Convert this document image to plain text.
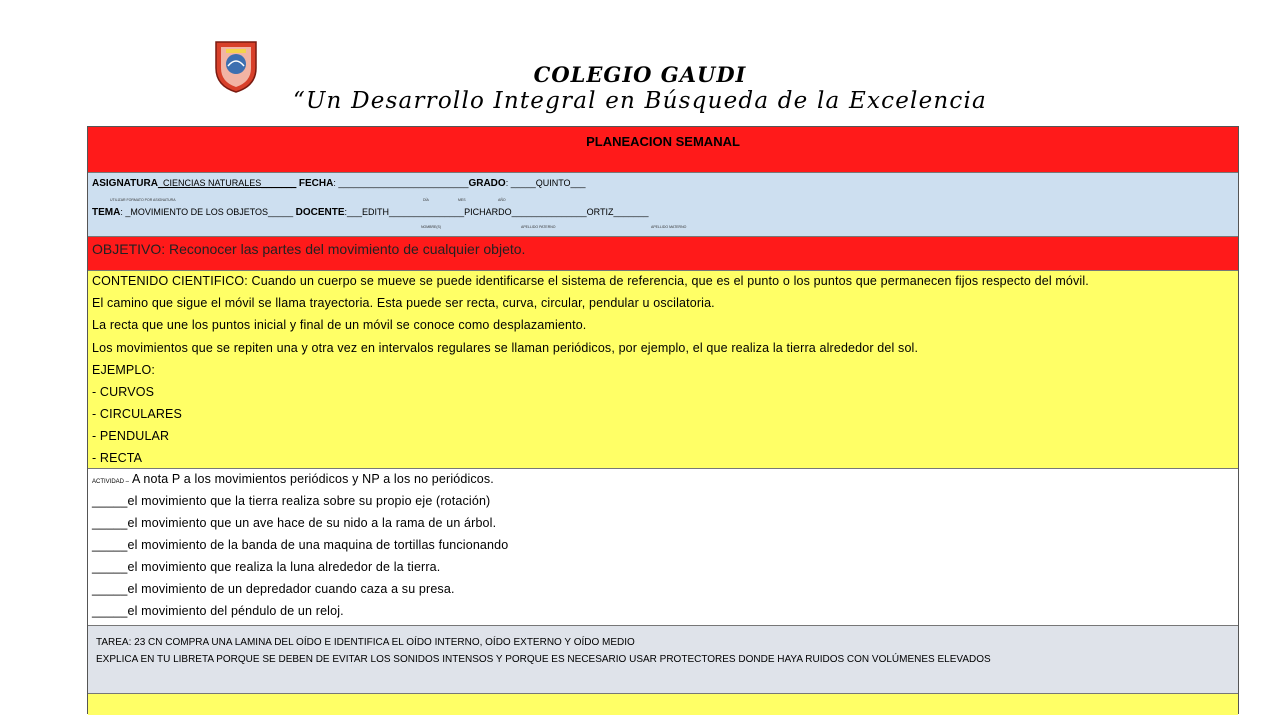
COLEGIO GAUDI
“Un Desarrollo Integral en Búsqueda de la Excelencia
PLANEACION SEMANAL
ASIGNATURA_CIENCIAS NATURALES_______ FECHA: __________________________GRADO: _____QUINTO___
UTILIZAR FORMATO POR ASIGNATURA	DÍA	MES	AÑO
TEMA: _MOVIMIENTO DE LOS OBJETOS_____ DOCENTE:___EDITH_______________PICHARDO_______________ORTIZ_______
NOMBRE(S)	APELLIDO PATERNO	APELLIDO MATERNO
OBJETIVO: Reconocer las partes del movimiento de cualquier objeto.
CONTENIDO CIENTIFICO: Cuando un cuerpo se mueve se puede identificarse el sistema de referencia, que es el punto o los puntos que permanecen fijos respecto del móvil.
El camino que sigue el móvil se llama trayectoria. Esta puede ser recta, curva, circular, pendular u oscilatoria.
La recta que une los puntos inicial y final de un móvil se conoce como desplazamiento.
Los movimientos que se repiten una y otra vez en intervalos regulares se llaman periódicos, por ejemplo, el que realiza la tierra alrededor del sol.
EJEMPLO:
- CURVOS
- CIRCULARES
- PENDULAR
- RECTA
ACTIVIDAD – A nota P a los movimientos periódicos y NP a los no periódicos.
_____el movimiento que la tierra realiza sobre su propio eje (rotación)
_____el movimiento que un ave hace de su nido a la rama de un árbol.
_____el movimiento de la banda de una maquina de tortillas funcionando
_____el movimiento que realiza la luna alrededor de la tierra.
_____el movimiento de un depredador cuando caza a su presa.
_____el movimiento del péndulo de un reloj.
TAREA: 23 CN COMPRA UNA LAMINA DEL OÍDO E IDENTIFICA EL OÍDO INTERNO, OÍDO EXTERNO Y OÍDO MEDIO
EXPLICA EN TU LIBRETA PORQUE SE DEBEN DE EVITAR LOS SONIDOS INTENSOS Y PORQUE ES NECESARIO USAR PROTECTORES DONDE HAYA RUIDOS CON VOLÚMENES ELEVADOS
